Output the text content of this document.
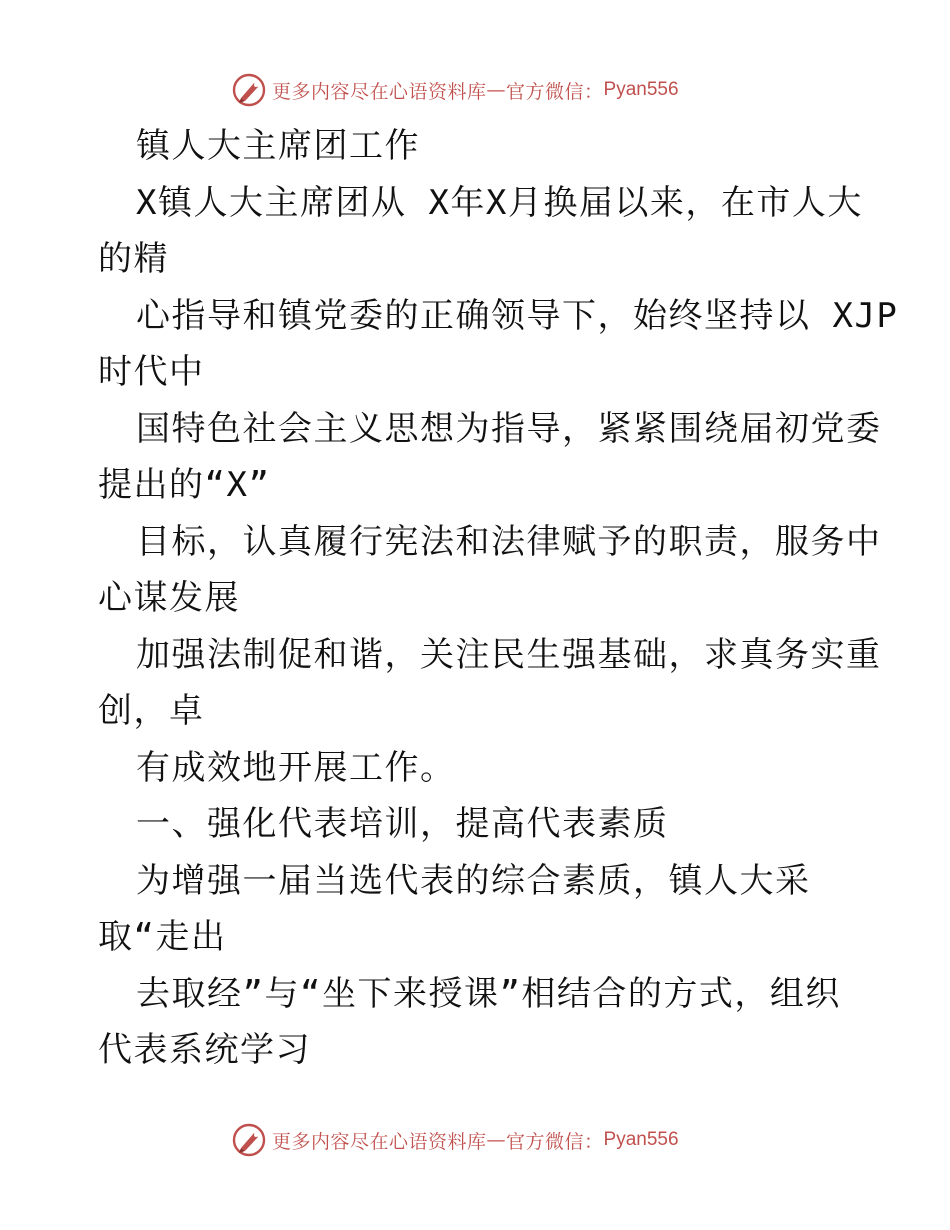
更多内容尽在心语资料库 — 官方微信： Pyan556
镇人大主席团工作
X镇人大主席团从 X年X月换届以来，在市人大
的精
心指导和镇党委的正确领导下，始终坚持以 XJP
时代中
国特色社会主义思想为指导，紧紧围绕届初党委
提出的“X”
目标，认真履行宪法和法律赋予的职责，服务中
心谋发展
加强法制促和谐，关注民生强基础，求真务实重
创，卓
有成效地开展工作。
一、强化代表培训，提高代表素质
为增强一届当选代表的综合素质，镇人大采
取“走出
去取经”与“坐下来授课”相结合的方式，组织
代表系统学习
更多内容尽在心语资料库 — 官方微信： Pyan556
